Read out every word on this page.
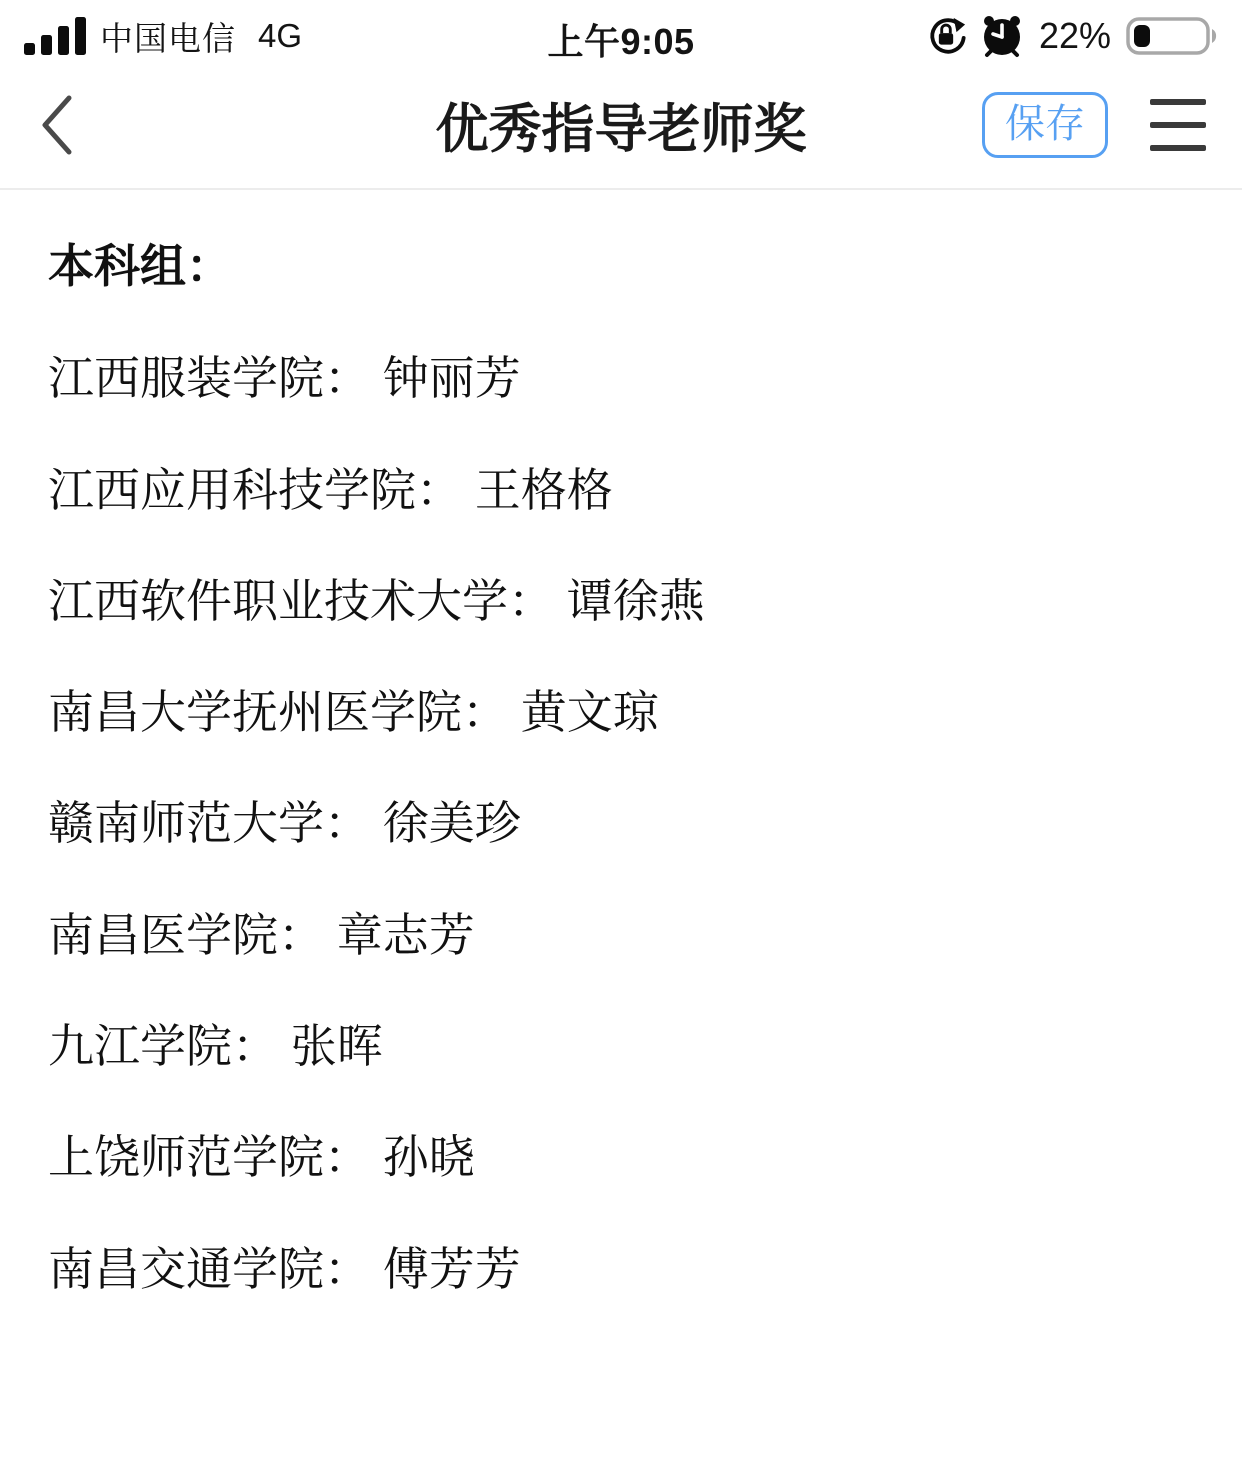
中国电信 4G	上午9:05	22%
优秀指导老师奖	保存

本科组：

江西服装学院： 钟丽芳

江西应用科技学院： 王格格

江西软件职业技术大学： 谭徐燕

南昌大学抚州医学院： 黄文琼

赣南师范大学： 徐美珍

南昌医学院： 章志芳

九江学院： 张晖

上饶师范学院： 孙晓

南昌交通学院： 傅芳芳
